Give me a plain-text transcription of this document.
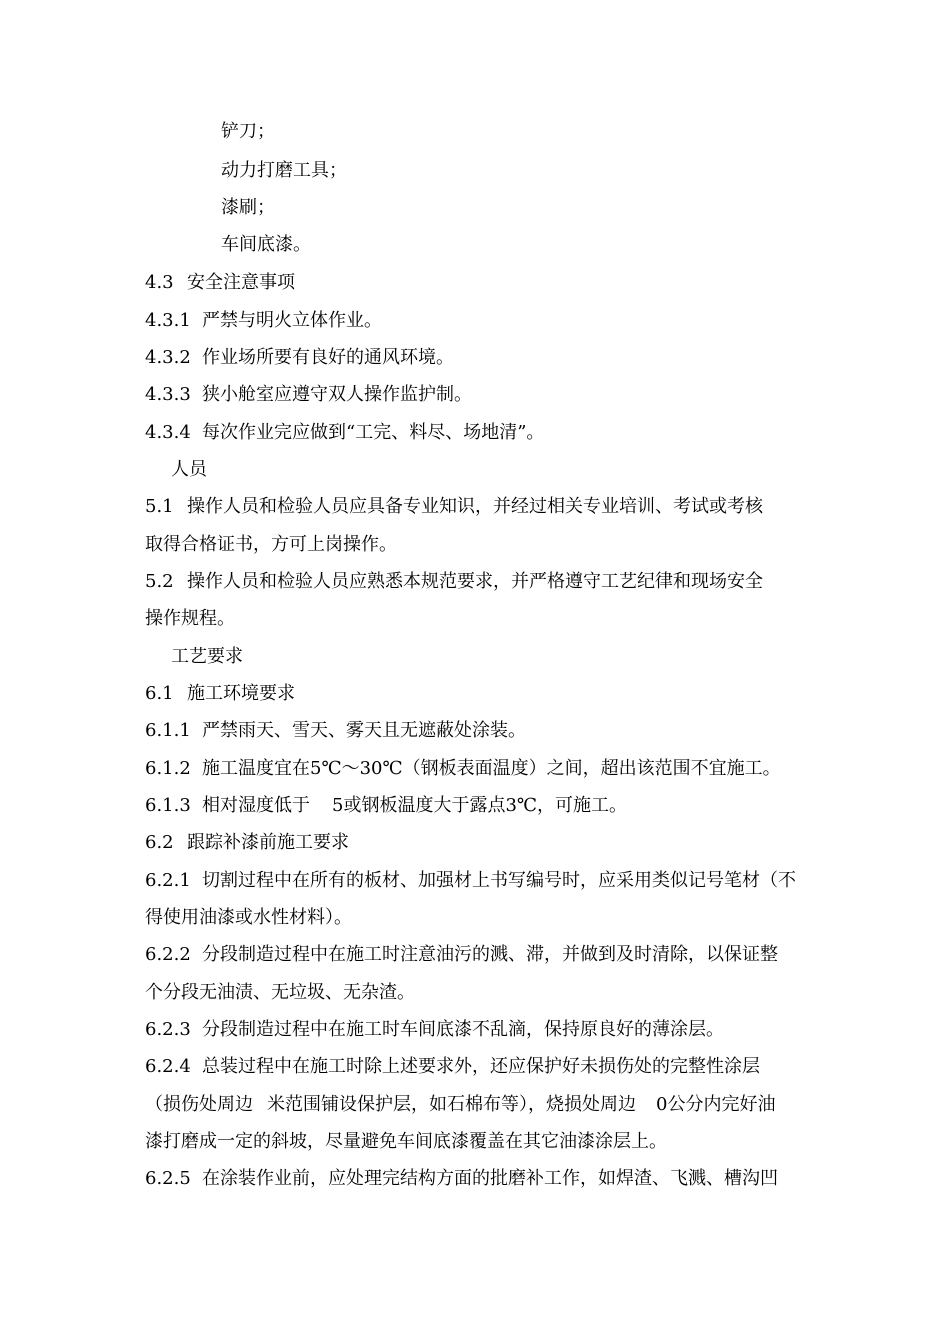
铲刀；
动力打磨工具；
漆刷；
车间底漆。
4.3 安全注意事项
4.3.1 严禁与明火立体作业。
4.3.2 作业场所要有良好的通风环境。
4.3.3 狭小舱室应遵守双人操作监护制。
4.3.4 每次作业完应做到“工完、料尽、场地清”。
人员
5.1 操作人员和检验人员应具备专业知识，并经过相关专业培训、考试或考核
取得合格证书，方可上岗操作。
5.2 操作人员和检验人员应熟悉本规范要求，并严格遵守工艺纪律和现场安全
操作规程。
工艺要求
6.1 施工环境要求
6.1.1 严禁雨天、雪天、雾天且无遮蔽处涂装。
6.1.2 施工温度宜在5℃～30℃（钢板表面温度）之间，超出该范围不宜施工。
6.1.3 相对湿度低于 5或钢板温度大于露点3℃，可施工。
6.2 跟踪补漆前施工要求
6.2.1 切割过程中在所有的板材、加强材上书写编号时，应采用类似记号笔材（不
得使用油漆或水性材料）。
6.2.2 分段制造过程中在施工时注意油污的溅、滞，并做到及时清除，以保证整
个分段无油渍、无垃圾、无杂渣。
6.2.3 分段制造过程中在施工时车间底漆不乱滴，保持原良好的薄涂层。
6.2.4 总装过程中在施工时除上述要求外，还应保护好未损伤处的完整性涂层
（损伤处周边 米范围铺设保护层，如石棉布等），烧损处周边 0公分内完好油
漆打磨成一定的斜坡，尽量避免车间底漆覆盖在其它油漆涂层上。
6.2.5 在涂装作业前，应处理完结构方面的批磨补工作，如焊渣、飞溅、槽沟凹
